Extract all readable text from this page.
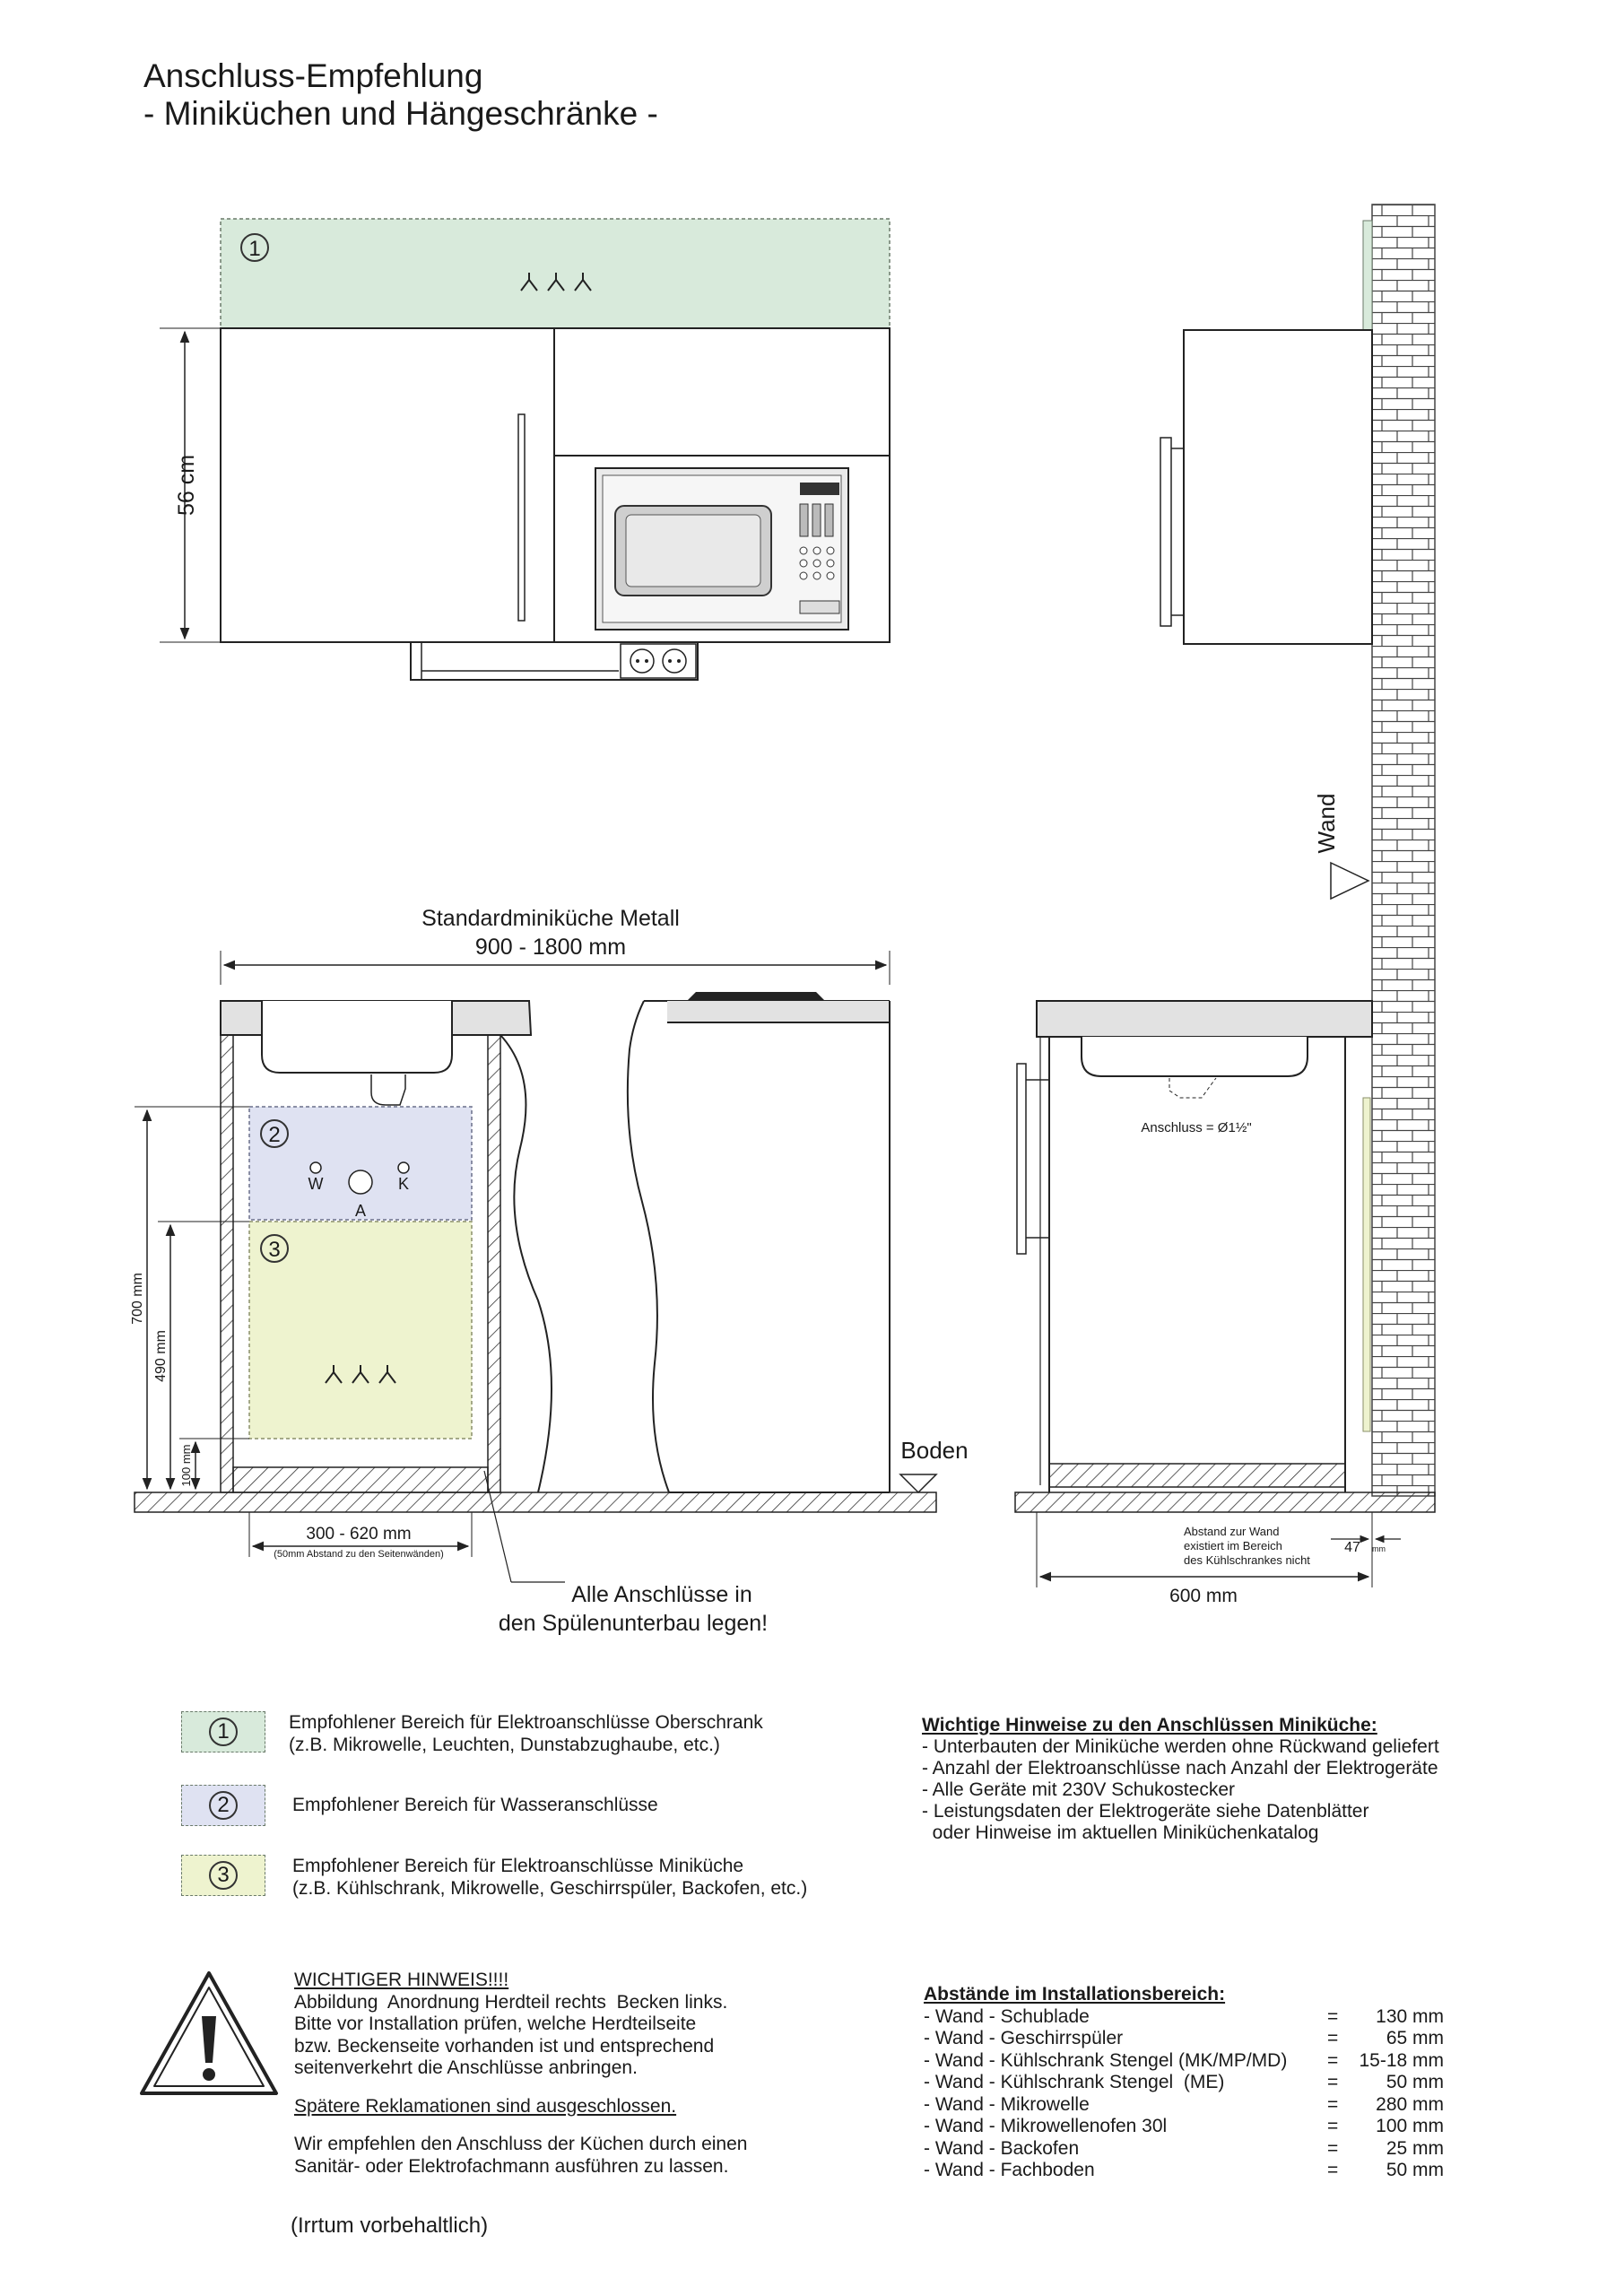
Anschluss-Empfehlung
- Miniküchen und Hängeschränke -
1
56 cm
Wand
Standardminiküche Metall
900 - 1800 mm
2
W	K
A
3
Boden
700 mm
490 mm
100 mm
300 - 620 mm
(50mm Abstand zu den Seitenwänden)
Alle Anschlüsse in
den Spülenunterbau legen!
Anschluss = Ø1½"
Abstand zur Wand
existiert im Bereich
des Kühlschrankes nicht
47 mm
600 mm
1	Empfohlener Bereich für Elektroanschlüsse Oberschrank
(z.B. Mikrowelle, Leuchten, Dunstabzughaube, etc.)
2	Empfohlener Bereich für Wasseranschlüsse
3	Empfohlener Bereich für Elektroanschlüsse Miniküche
(z.B. Kühlschrank, Mikrowelle, Geschirrspüler, Backofen, etc.)
Wichtige Hinweise zu den Anschlüssen Miniküche:
- Unterbauten der Miniküche werden ohne Rückwand geliefert
- Anzahl der Elektroanschlüsse nach Anzahl der Elektrogeräte
- Alle Geräte mit 230V Schukostecker
- Leistungsdaten der Elektrogeräte siehe Datenblätter
oder Hinweise im aktuellen Miniküchenkatalog
WICHTIGER HINWEIS!!!!
Abbildung  Anordnung Herdteil rechts  Becken links.
Bitte vor Installation prüfen, welche Herdteilseite
bzw. Beckenseite vorhanden ist und entsprechend
seitenverkehrt die Anschlüsse anbringen.
Spätere Reklamationen sind ausgeschlossen.
Wir empfehlen den Anschluss der Küchen durch einen
Sanitär- oder Elektrofachmann ausführen zu lassen.
Abstände im Installationsbereich:
- Wand - Schublade	=	130 mm
- Wand - Geschirrspüler	=	65 mm
- Wand - Kühlschrank Stengel (MK/MP/MD)	=	15-18 mm
- Wand - Kühlschrank Stengel  (ME)	=	50 mm
- Wand - Mikrowelle	=	280 mm
- Wand - Mikrowellenofen 30l	=	100 mm
- Wand - Backofen	=	25 mm
- Wand - Fachboden	=	50 mm
(Irrtum vorbehaltlich)
